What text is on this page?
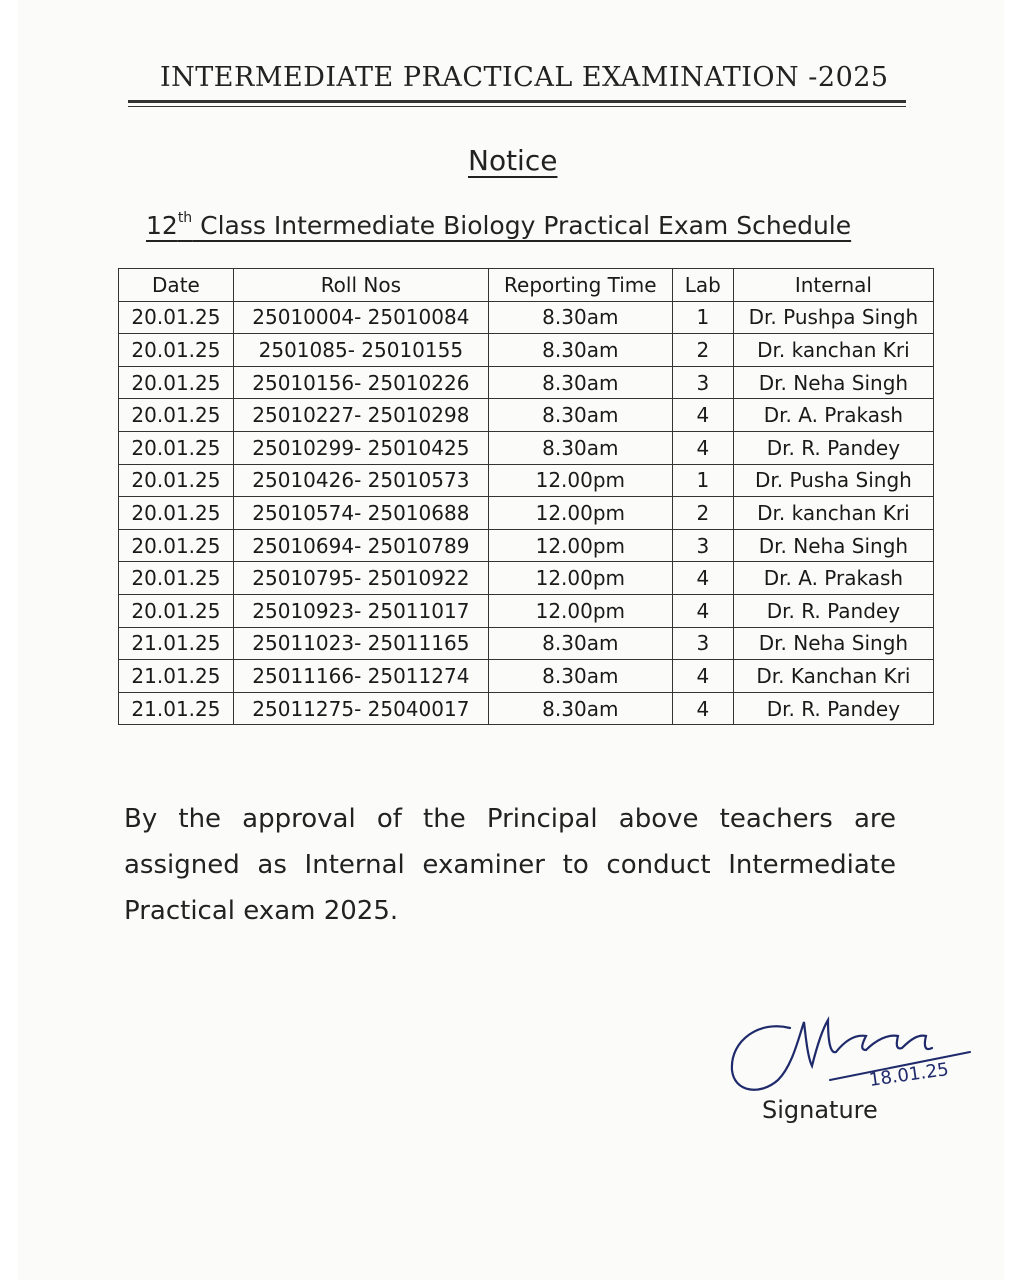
INTERMEDIATE PRACTICAL EXAMINATION -2025
Notice
12th Class Intermediate Biology Practical Exam Schedule
Date	Roll Nos	Reporting Time	Lab	Internal
20.01.25	25010004- 25010084	8.30am	1	Dr. Pushpa Singh
20.01.25	2501085- 25010155	8.30am	2	Dr. kanchan Kri
20.01.25	25010156- 25010226	8.30am	3	Dr. Neha Singh
20.01.25	25010227- 25010298	8.30am	4	Dr. A. Prakash
20.01.25	25010299- 25010425	8.30am	4	Dr. R. Pandey
20.01.25	25010426- 25010573	12.00pm	1	Dr. Pusha Singh
20.01.25	25010574- 25010688	12.00pm	2	Dr. kanchan Kri
20.01.25	25010694- 25010789	12.00pm	3	Dr. Neha Singh
20.01.25	25010795- 25010922	12.00pm	4	Dr. A. Prakash
20.01.25	25010923- 25011017	12.00pm	4	Dr. R. Pandey
21.01.25	25011023- 25011165	8.30am	3	Dr. Neha Singh
21.01.25	25011166- 25011274	8.30am	4	Dr. Kanchan Kri
21.01.25	25011275- 25040017	8.30am	4	Dr. R. Pandey
By the approval of the Principal above teachers are assigned as Internal examiner to conduct Intermediate Practical exam 2025.
18.01.25
Signature
